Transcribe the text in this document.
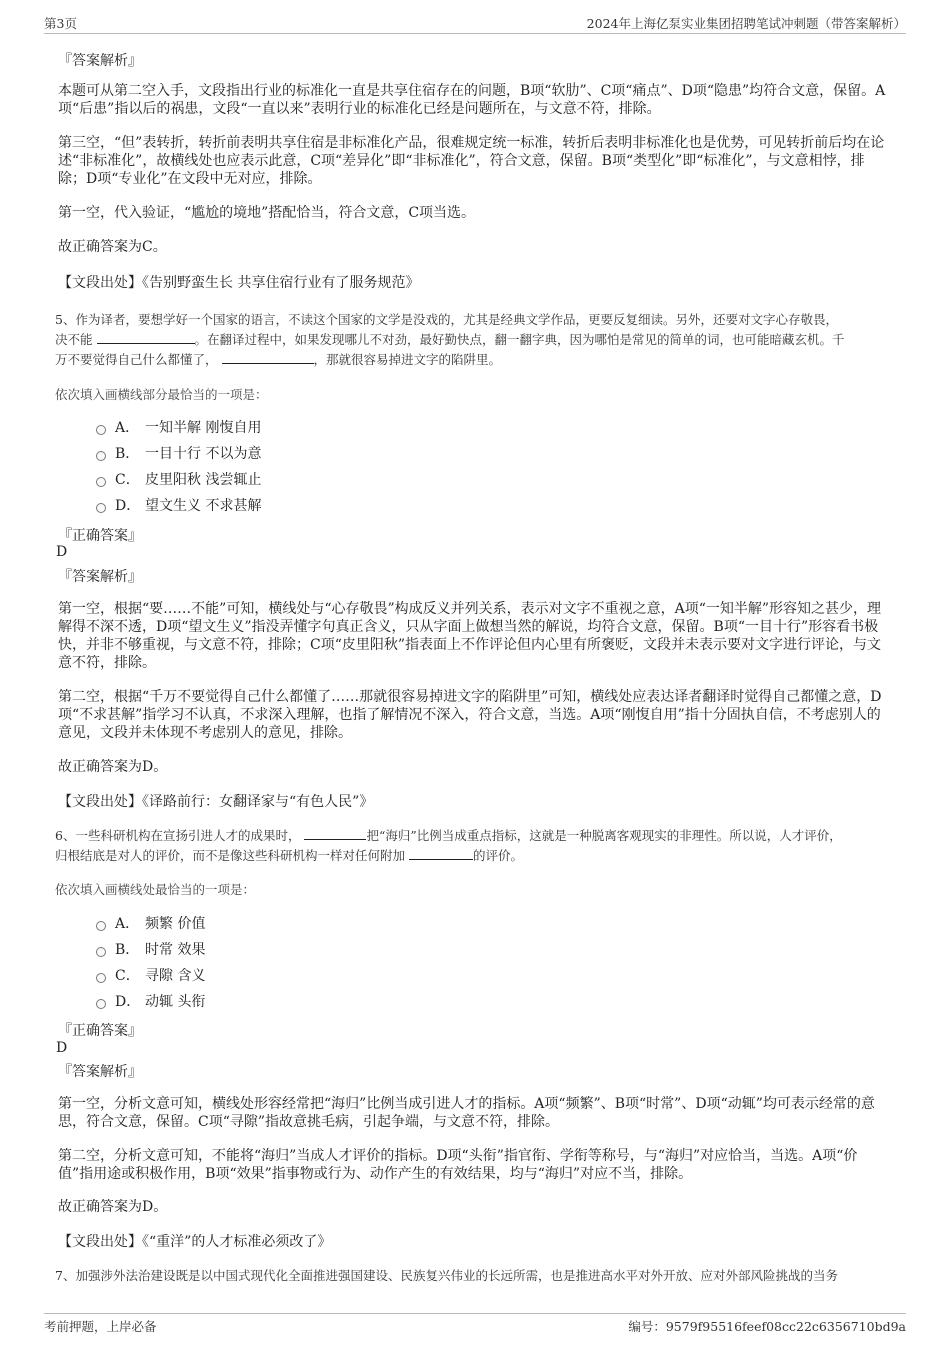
第3页	2024年上海亿泵实业集团招聘笔试冲刺题（带答案解析）
『答案解析』
本题可从第二空入手，文段指出行业的标准化一直是共享住宿存在的问题，B项“软肋”、C项“痛点”、D项“隐患”均符合文意，保留。A项“后患”指以后的祸患，文段“一直以来”表明行业的标准化已经是问题所在，与文意不符，排除。
第三空，“但”表转折，转折前表明共享住宿是非标准化产品，很难规定统一标准，转折后表明非标准化也是优势，可见转折前后均在论述“非标准化”，故横线处也应表示此意，C项“差异化”即“非标准化”，符合文意，保留。B项“类型化”即“标准化”，与文意相悖，排除；D项“专业化”在文段中无对应，排除。
第一空，代入验证，“尴尬的境地”搭配恰当，符合文意，C项当选。
故正确答案为C。
【文段出处】《告别野蛮生长 共享住宿行业有了服务规范》
5、作为译者，要想学好一个国家的语言，不读这个国家的文学是没戏的，尤其是经典文学作品，更要反复细读。另外，还要对文字心存敬畏，
决不能	。在翻译过程中，如果发现哪儿不对劲，最好勤快点，翻一翻字典，因为哪怕是常见的简单的词，也可能暗藏玄机。千
万不要觉得自己什么都懂了，	，那就很容易掉进文字的陷阱里。
依次填入画横线部分最恰当的一项是：
A． 一知半解 刚愎自用
B． 一目十行 不以为意
C． 皮里阳秋 浅尝辄止
D． 望文生义 不求甚解
『正确答案』
D
『答案解析』
第一空，根据“要……不能”可知，横线处与“心存敬畏”构成反义并列关系，表示对文字不重视之意，A项“一知半解”形容知之甚少，理解得不深不透，D项“望文生义”指没弄懂字句真正含义，只从字面上做想当然的解说，均符合文意，保留。B项“一目十行”形容看书极快，并非不够重视，与文意不符，排除；C项“皮里阳秋”指表面上不作评论但内心里有所褒贬，文段并未表示要对文字进行评论，与文意不符，排除。
第二空，根据“千万不要觉得自己什么都懂了……那就很容易掉进文字的陷阱里”可知，横线处应表达译者翻译时觉得自己都懂之意，D项“不求甚解”指学习不认真，不求深入理解，也指了解情况不深入，符合文意，当选。A项“刚愎自用”指十分固执自信，不考虑别人的意见，文段并未体现不考虑别人的意见，排除。
故正确答案为D。
【文段出处】《译路前行：女翻译家与“有色人民”》
6、一些科研机构在宣扬引进人才的成果时，	把“海归”比例当成重点指标，这就是一种脱离客观现实的非理性。所以说，人才评价，
归根结底是对人的评价，而不是像这些科研机构一样对任何附加	的评价。
依次填入画横线处最恰当的一项是：
A． 频繁 价值
B． 时常 效果
C． 寻隙 含义
D． 动辄 头衔
『正确答案』
D
『答案解析』
第一空，分析文意可知，横线处形容经常把“海归”比例当成引进人才的指标。A项“频繁”、B项“时常”、D项“动辄”均可表示经常的意思，符合文意，保留。C项“寻隙”指故意挑毛病，引起争端，与文意不符，排除。
第二空，分析文意可知，不能将“海归”当成人才评价的指标。D项“头衔”指官衔、学衔等称号，与“海归”对应恰当，当选。A项“价值”指用途或积极作用，B项“效果”指事物或行为、动作产生的有效结果，均与“海归”对应不当，排除。
故正确答案为D。
【文段出处】《“重洋”的人才标准必须改了》
7、加强涉外法治建设既是以中国式现代化全面推进强国建设、民族复兴伟业的长远所需，也是推进高水平对外开放、应对外部风险挑战的当务
考前押题，上岸必备	编号：9579f95516feef08cc22c6356710bd9a
